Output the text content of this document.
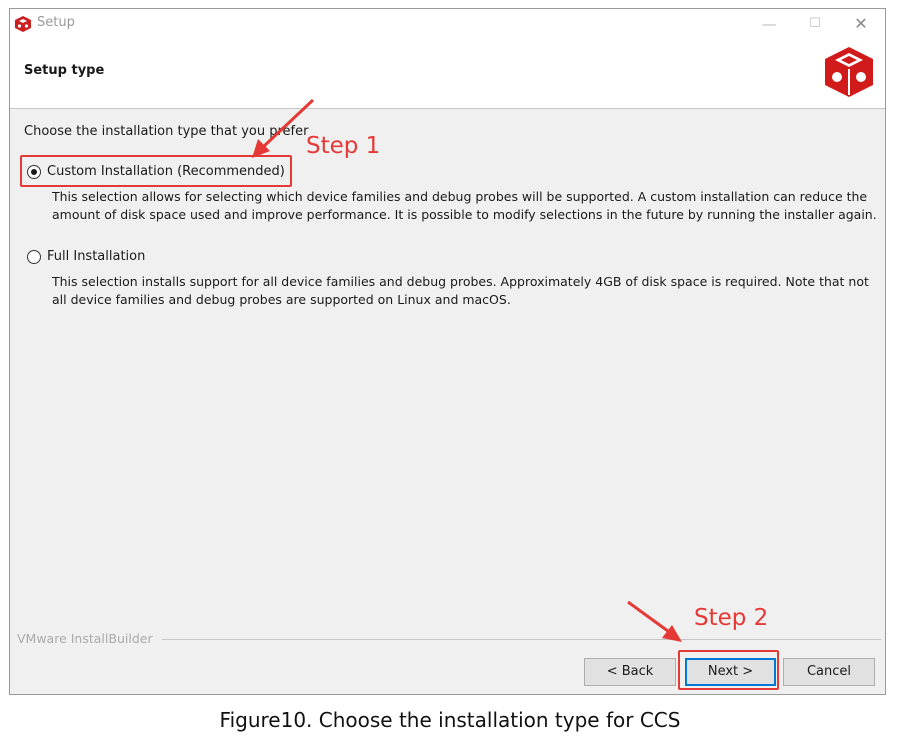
Setup	—	☐	✕
Setup type
Choose the installation type that you prefer
Custom Installation (Recommended)
This selection allows for selecting which device families and debug probes will be supported. A custom installation can reduce the amount of disk space used and improve performance. It is possible to modify selections in the future by running the installer again.
Full Installation
This selection installs support for all device families and debug probes. Approximately 4GB of disk space is required. Note that not all device families and debug probes are supported on Linux and macOS.
VMware InstallBuilder
< Back	Next >	Cancel
Step 1
Step 2
Figure10. Choose the installation type for CCS
